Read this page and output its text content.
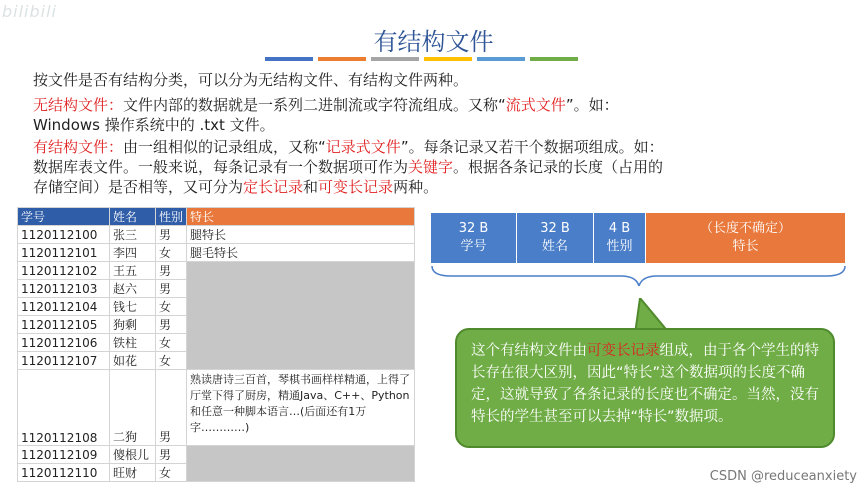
bilibili
有结构文件
按文件是否有结构分类，可以分为无结构文件、有结构文件两种。
无结构文件：文件内部的数据就是一系列二进制流或字符流组成。又称“流式文件”。如：
Windows 操作系统中的 .txt 文件。
有结构文件：由一组相似的记录组成，又称“记录式文件”。每条记录又若干个数据项组成。如：
数据库表文件。一般来说，每条记录有一个数据项可作为关键字。根据各条记录的长度（占用的
存储空间）是否相等，又可分为定长记录和可变长记录两种。
学号	姓名	性别	特长
1120112100	张三	男	腿特长
1120112101	李四	女	腿毛特长
1120112102	王五	男	
1120112103	赵六	男	
1120112104	钱七	女	
1120112105	狗剩	男	
1120112106	铁柱	女	
1120112107	如花	女	
1120112108	二狗	男	熟读唐诗三百首，琴棋书画样样精通，上得了厅堂下得了厨房，精通Java、C++、Python和任意一种脚本语言…(后面还有1万字…………)
1120112109	傻根儿	男	
1120112110	旺财	女	
32 B
学号
32 B
姓名
4 B
性别
（长度不确定）
特长
这个有结构文件由可变长记录组成，由于各个学生的特长存在很大区别，因此“特长”这个数据项的长度不确定，这就导致了各条记录的长度也不确定。当然，没有特长的学生甚至可以去掉“特长”数据项。
CSDN @reduceanxiety
